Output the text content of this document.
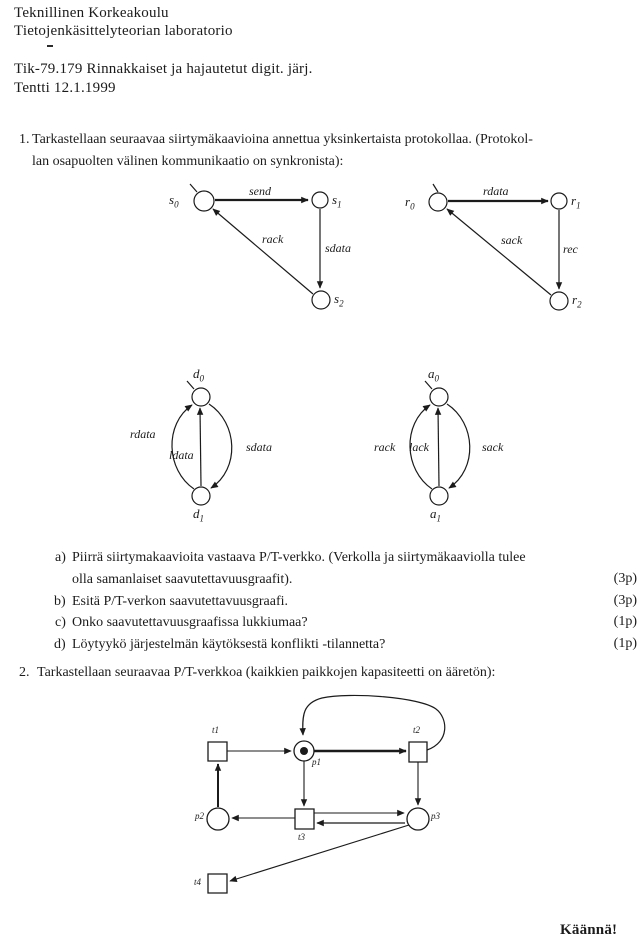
Teknillinen Korkeakoulu
Tietojenkäsittelyteorian laboratorio
Tik-79.179 Rinnakkaiset ja hajautetut digit. järj.
Tentti 12.1.1999
1. Tarkastellaan seuraavaa siirtymäkaavioina annettua yksinkertaista protokollaa. (Protokol-
lan osapuolten välinen kommunikaatio on synkronista):
$s_0$	$s_1$
$s_2$
send
rack
sdata
$r_0$	$r_1$
$r_2$
rdata
sack
rec
$d_0$
$d_1$
rdata
ldata
sdata
$a_0$
$a_1$
rack lack	sack
a) Piirrä siirtymakaavioita vastaava P/T-verkko. (Verkolla ja siirtymäkaaviolla tulee
olla samanlaiset saavutettavuusgraafit).	(3p)
b) Esitä P/T-verkon saavutettavuusgraafi.	(3p)
c) Onko saavutettavuusgraafissa lukkiumaa?	(1p)
d) Löytyykö järjestelmän käytöksestä konflikti -tilannetta?	(1p)
2. Tarkastellaan seuraavaa P/T-verkkoa (kaikkien paikkojen kapasiteetti on ääretön):
t1	t2
p1
p2
t3
p3
t4
Käännä!
